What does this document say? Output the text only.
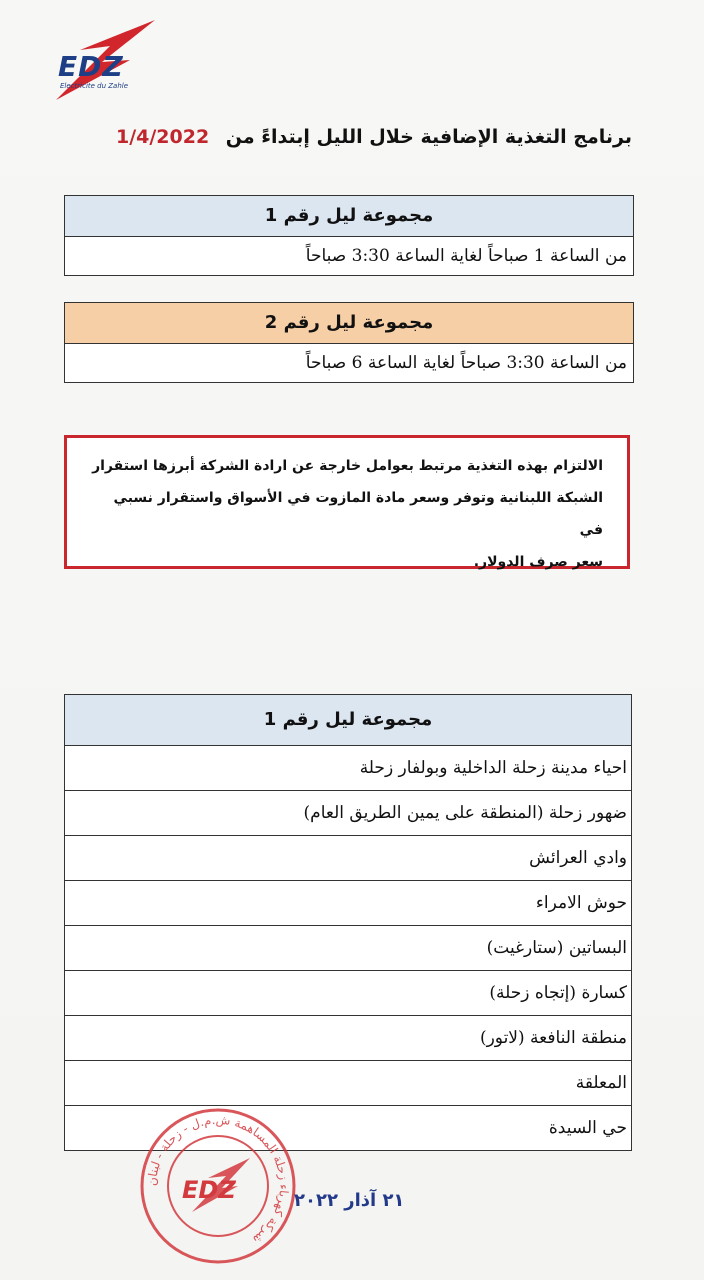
EDZ
Electricite du Zahle
برنامج التغذية الإضافية خلال الليل إبتداءً من 1/4/2022
مجموعة ليل رقم 1
من الساعة 1 صباحاً لغاية الساعة 3:30 صباحاً
مجموعة ليل رقم 2
من الساعة 3:30 صباحاً لغاية الساعة 6 صباحاً
الالتزام بهذه التغذية مرتبط بعوامل خارجة عن ارادة الشركة أبرزها استقرار
الشبكة اللبنانية وتوفر وسعر مادة المازوت في الأسواق واستقرار نسبي في
سعر صرف الدولار.
مجموعة ليل رقم 1
احياء مدينة زحلة الداخلية وبولفار زحلة
ضهور زحلة (المنطقة على يمين الطريق العام)
وادي العرائش
حوش الامراء
البساتين (ستارغيت)
كسارة (إتجاه زحلة)
منطقة النافعة (لاتور)
المعلقة
حي السيدة
شركة كهرباء زحلة المساهمة ش.م.ل - زحلة - لبنان
EDZ	٢١ آذار ٢٠٢٢
